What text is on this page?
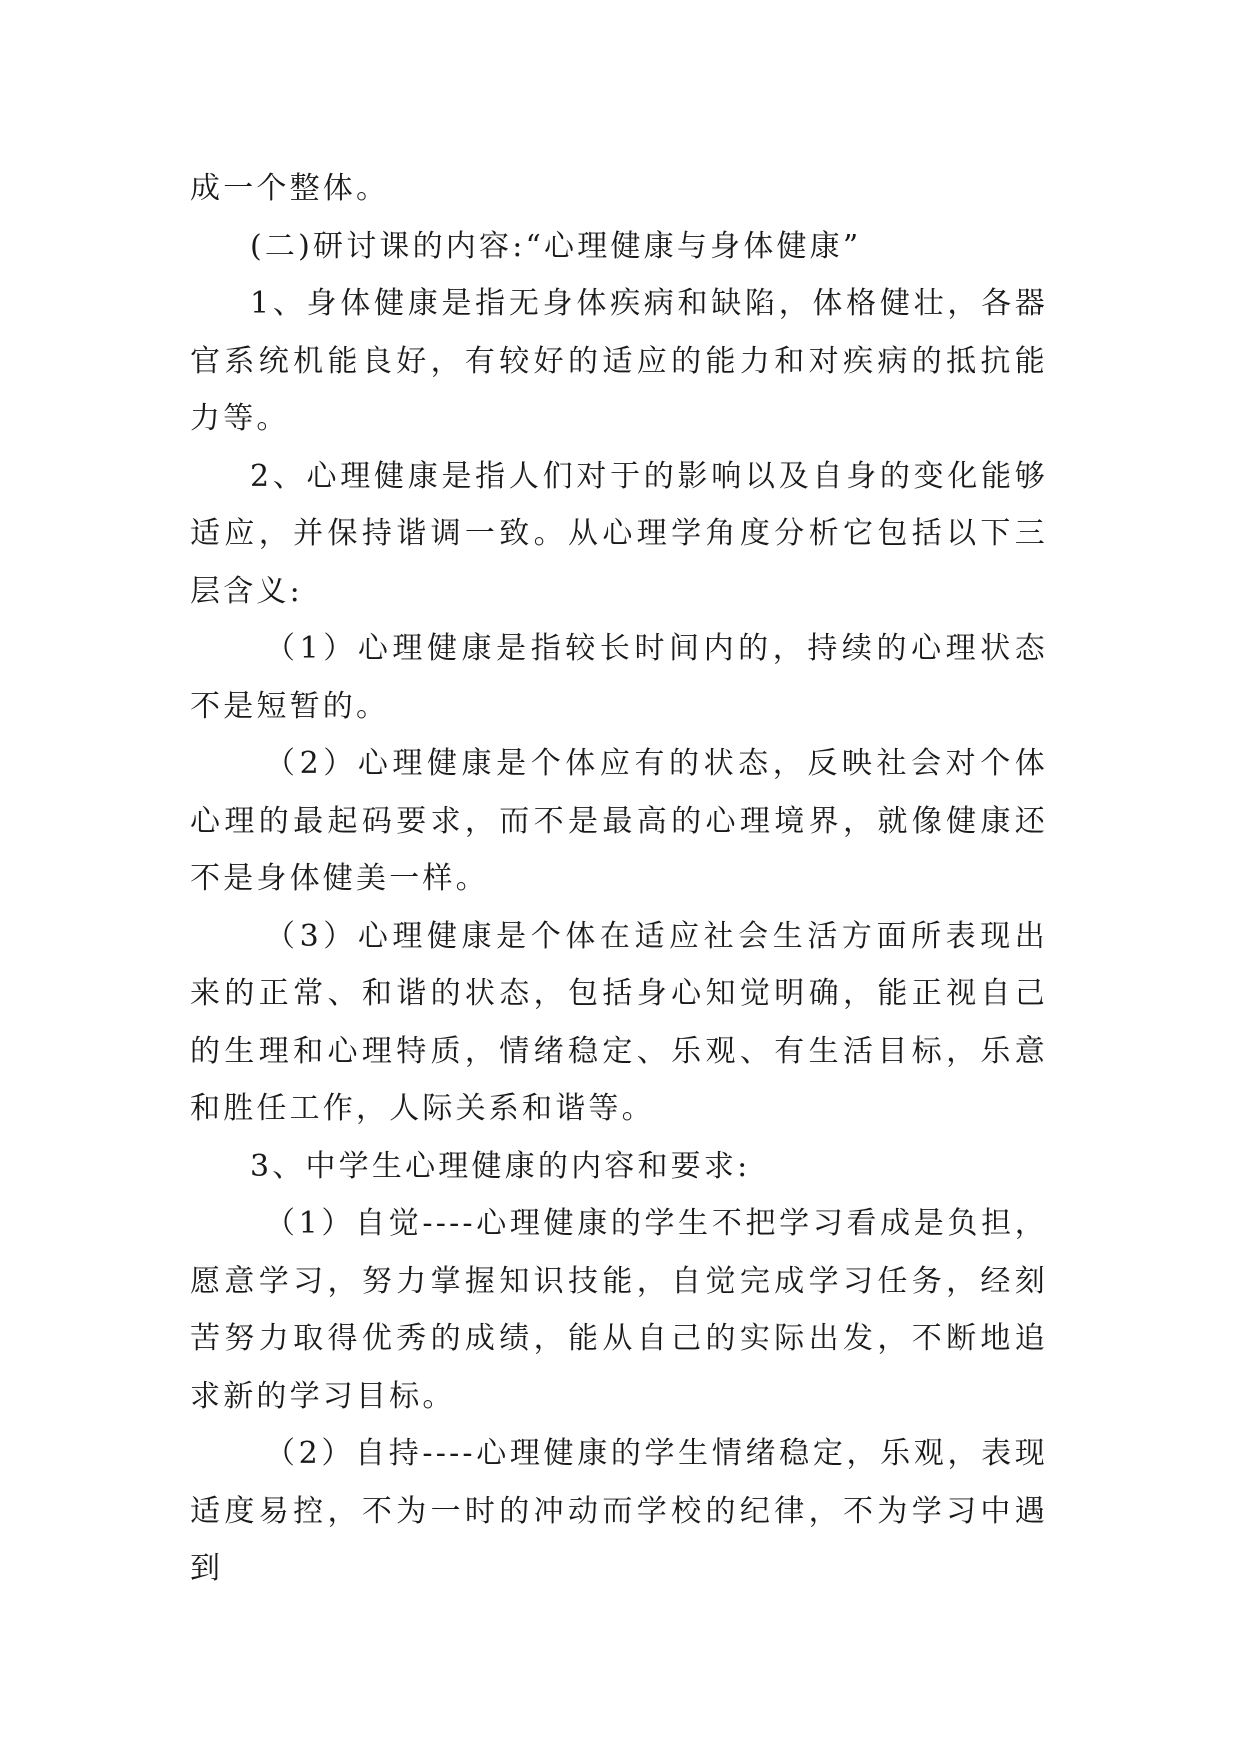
成一个整体。

(二)研讨课的内容:“心理健康与身体健康”

1、身体健康是指无身体疾病和缺陷，体格健壮，各器官系统机能良好，有较好的适应的能力和对疾病的抵抗能力等。

2、心理健康是指人们对于的影响以及自身的变化能够适应，并保持谐调一致。从心理学角度分析它包括以下三层含义:

（1）心理健康是指较长时间内的，持续的心理状态不是短暂的。

（2）心理健康是个体应有的状态，反映社会对个体心理的最起码要求，而不是最高的心理境界，就像健康还不是身体健美一样。

（3）心理健康是个体在适应社会生活方面所表现出来的正常、和谐的状态，包括身心知觉明确，能正视自己的生理和心理特质，情绪稳定、乐观、有生活目标，乐意和胜任工作，人际关系和谐等。

3、中学生心理健康的内容和要求:

（1）自觉----心理健康的学生不把学习看成是负担，愿意学习，努力掌握知识技能，自觉完成学习任务，经刻苦努力取得优秀的成绩，能从自己的实际出发，不断地追求新的学习目标。

（2）自持----心理健康的学生情绪稳定，乐观，表现适度易控，不为一时的冲动而学校的纪律，不为学习中遇到
